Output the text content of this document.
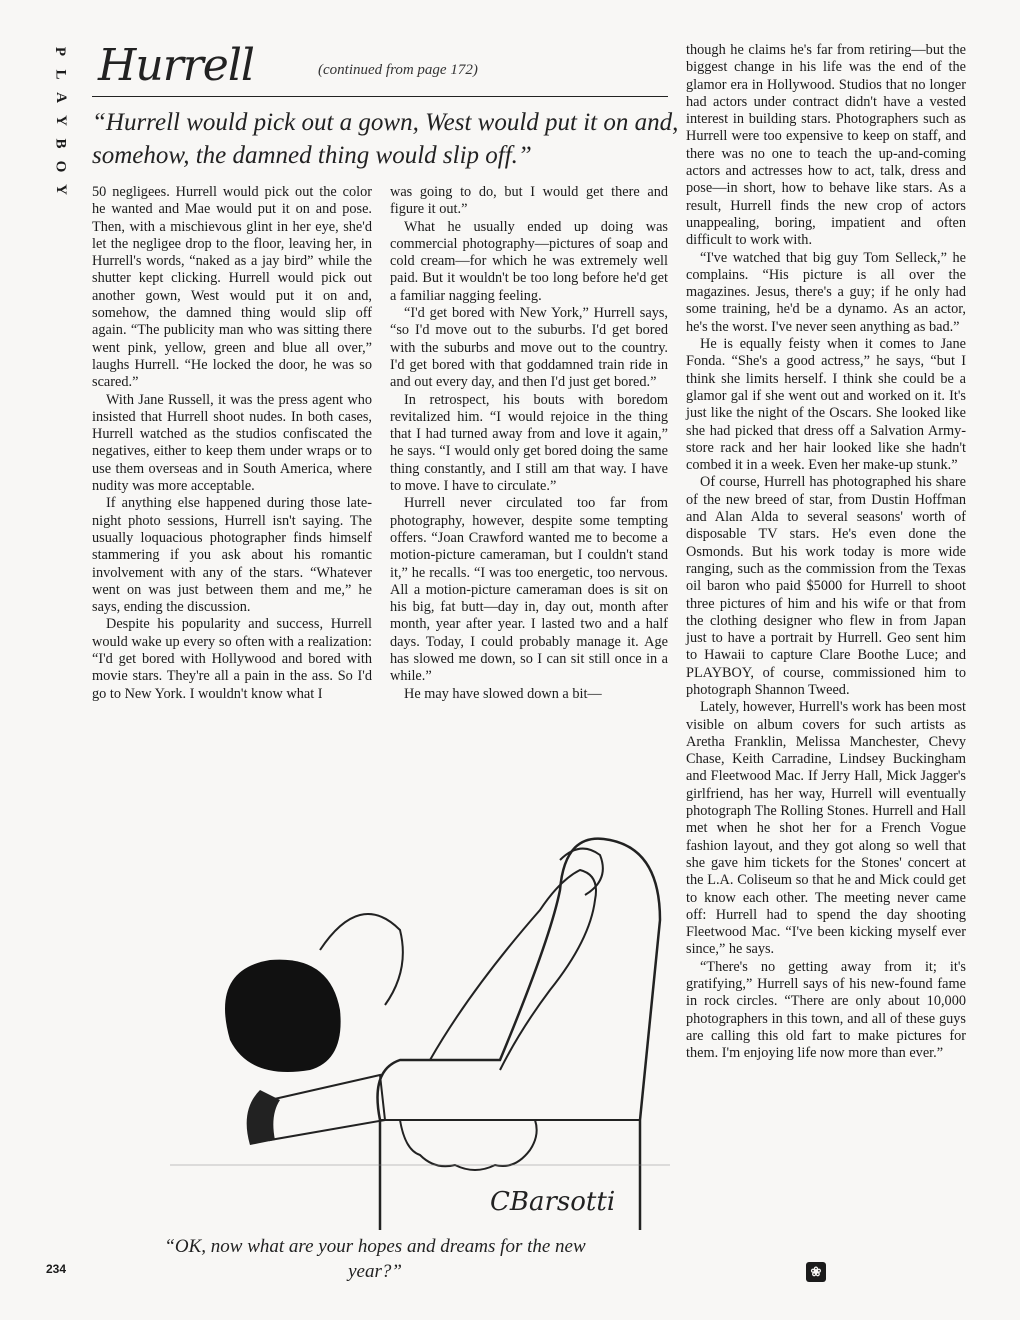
P
L
A
Y
B
O
Y
Hurrell	(continued from page 172)

“Hurrell would pick out a gown, West would put it on and, somehow, the damned thing would slip off.”

50 negligees. Hurrell would pick out the color he wanted and Mae would put it on and pose. Then, with a mischievous glint in her eye, she'd let the negligee drop to the floor, leaving her, in Hurrell's words, “naked as a jay bird” while the shutter kept clicking. Hurrell would pick out another gown, West would put it on and, somehow, the damned thing would slip off again. “The publicity man who was sitting there went pink, yellow, green and blue all over,” laughs Hurrell. “He locked the door, he was so scared.”

With Jane Russell, it was the press agent who insisted that Hurrell shoot nudes. In both cases, Hurrell watched as the studios confiscated the negatives, either to keep them under wraps or to use them overseas and in South America, where nudity was more acceptable.

If anything else happened during those late-night photo sessions, Hurrell isn't saying. The usually loquacious photographer finds himself stammering if you ask about his romantic involvement with any of the stars. “Whatever went on was just between them and me,” he says, ending the discussion.

Despite his popularity and success, Hurrell would wake up every so often with a realization: “I'd get bored with Hollywood and bored with movie stars. They're all a pain in the ass. So I'd go to New York. I wouldn't know what I

was going to do, but I would get there and figure it out.”

What he usually ended up doing was commercial photography—pictures of soap and cold cream—for which he was extremely well paid. But it wouldn't be too long before he'd get a familiar nagging feeling.

“I'd get bored with New York,” Hurrell says, “so I'd move out to the suburbs. I'd get bored with the suburbs and move out to the country. I'd get bored with that goddamned train ride in and out every day, and then I'd just get bored.”

In retrospect, his bouts with boredom revitalized him. “I would rejoice in the thing that I had turned away from and love it again,” he says. “I would only get bored doing the same thing constantly, and I still am that way. I have to move. I have to circulate.”

Hurrell never circulated too far from photography, however, despite some tempting offers. “Joan Crawford wanted me to become a motion-picture cameraman, but I couldn't stand it,” he recalls. “I was too energetic, too nervous. All a motion-picture cameraman does is sit on his big, fat butt—day in, day out, month after month, year after year. I lasted two and a half days. Today, I could probably manage it. Age has slowed me down, so I can sit still once in a while.”

He may have slowed down a bit—

though he claims he's far from retiring—but the biggest change in his life was the end of the glamor era in Hollywood. Studios that no longer had actors under contract didn't have a vested interest in building stars. Photographers such as Hurrell were too expensive to keep on staff, and there was no one to teach the up-and-coming actors and actresses how to act, talk, dress and pose—in short, how to behave like stars. As a result, Hurrell finds the new crop of actors unappealing, boring, impatient and often difficult to work with.

“I've watched that big guy Tom Selleck,” he complains. “His picture is all over the magazines. Jesus, there's a guy; if he only had some training, he'd be a dynamo. As an actor, he's the worst. I've never seen anything as bad.”

He is equally feisty when it comes to Jane Fonda. “She's a good actress,” he says, “but I think she limits herself. I think she could be a glamor gal if she went out and worked on it. It's just like the night of the Oscars. She looked like she had picked that dress off a Salvation Army-store rack and her hair looked like she hadn't combed it in a week. Even her make-up stunk.”

Of course, Hurrell has photographed his share of the new breed of star, from Dustin Hoffman and Alan Alda to several seasons' worth of disposable TV stars. He's even done the Osmonds. But his work today is more wide ranging, such as the commission from the Texas oil baron who paid $5000 for Hurrell to shoot three pictures of him and his wife or that from the clothing designer who flew in from Japan just to have a portrait by Hurrell. Geo sent him to Hawaii to capture Clare Boothe Luce; and PLAYBOY, of course, commissioned him to photograph Shannon Tweed.

Lately, however, Hurrell's work has been most visible on album covers for such artists as Aretha Franklin, Melissa Manchester, Chevy Chase, Keith Carradine, Lindsey Buckingham and Fleetwood Mac. If Jerry Hall, Mick Jagger's girlfriend, has her way, Hurrell will eventually photograph The Rolling Stones. Hurrell and Hall met when he shot her for a French Vogue fashion layout, and they got along so well that she gave him tickets for the Stones' concert at the L.A. Coliseum so that he and Mick could get to know each other. The meeting never came off: Hurrell had to spend the day shooting Fleetwood Mac. “I've been kicking myself ever since,” he says.

“There's no getting away from it; it's gratifying,” Hurrell says of his new-found fame in rock circles. “There are only about 10,000 photographers in this town, and all of these guys are calling this old fart to make pictures for them. I'm enjoying life now more than ever.”

CBarsotti
“OK, now what are your hopes and dreams for the new year?”
234	❀
